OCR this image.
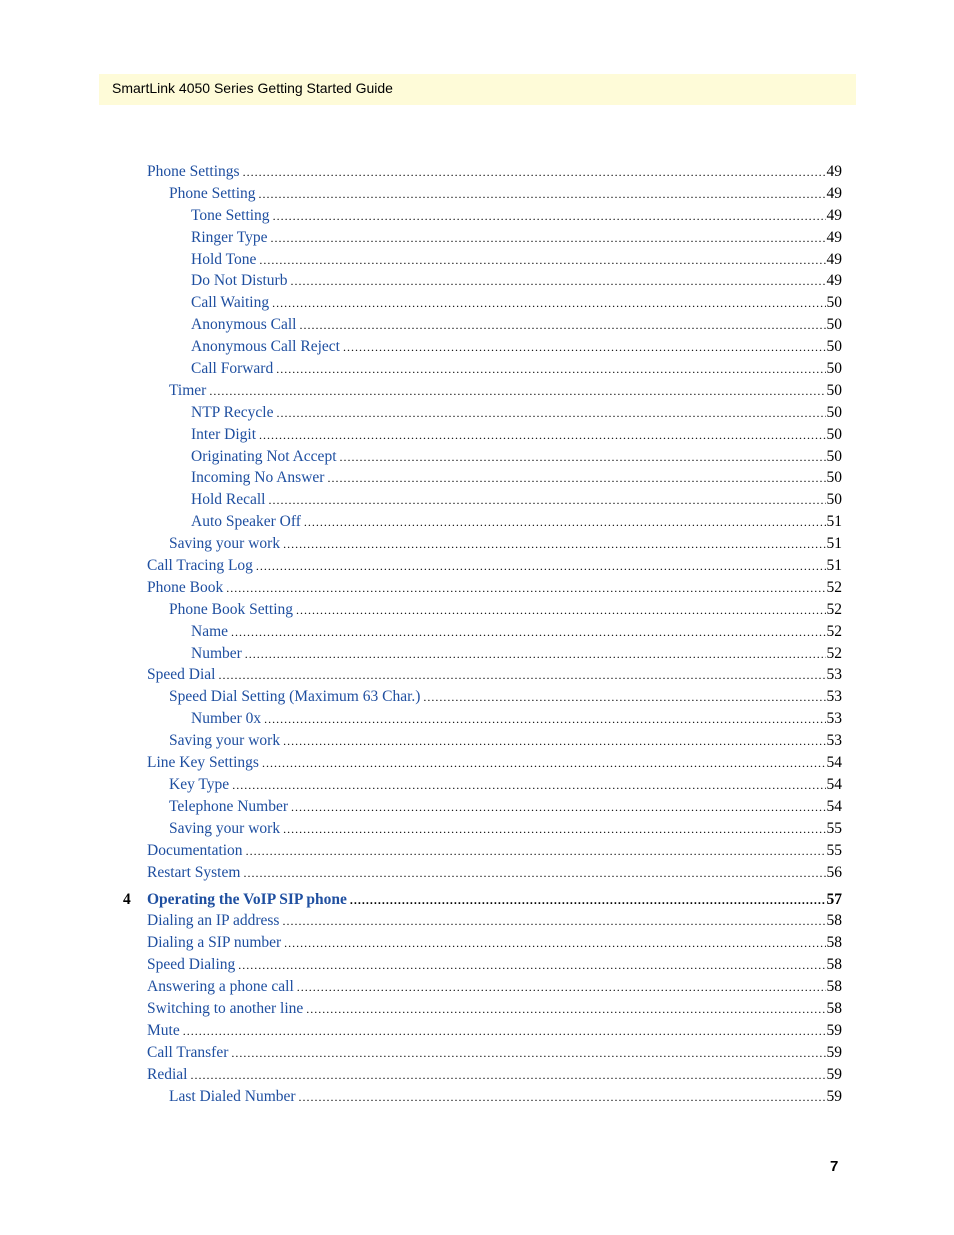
SmartLink 4050 Series Getting Started Guide
Phone Settings .....	49
Phone Setting .....	49
Tone Setting .....	49
Ringer Type .....	49
Hold Tone .....	49
Do Not Disturb .....	49
Call Waiting .....	50
Anonymous Call .....	50
Anonymous Call Reject .....	50
Call Forward .....	50
Timer .....	50
NTP Recycle .....	50
Inter Digit .....	50
Originating Not Accept .....	50
Incoming No Answer .....	50
Hold Recall .....	50
Auto Speaker Off .....	51
Saving your work .....	51
Call Tracing Log .....	51
Phone Book .....	52
Phone Book Setting .....	52
Name .....	52
Number .....	52
Speed Dial .....	53
Speed Dial Setting (Maximum 63 Char.) .....	53
Number 0x .....	53
Saving your work .....	53
Line Key Settings .....	54
Key Type .....	54
Telephone Number .....	54
Saving your work .....	55
Documentation .....	55
Restart System .....	56
4 Operating the VoIP SIP phone .....	57
Dialing an IP address .....	58
Dialing a SIP number .....	58
Speed Dialing .....	58
Answering a phone call .....	58
Switching to another line .....	58
Mute .....	59
Call Transfer .....	59
Redial .....	59
Last Dialed Number .....	59
7
